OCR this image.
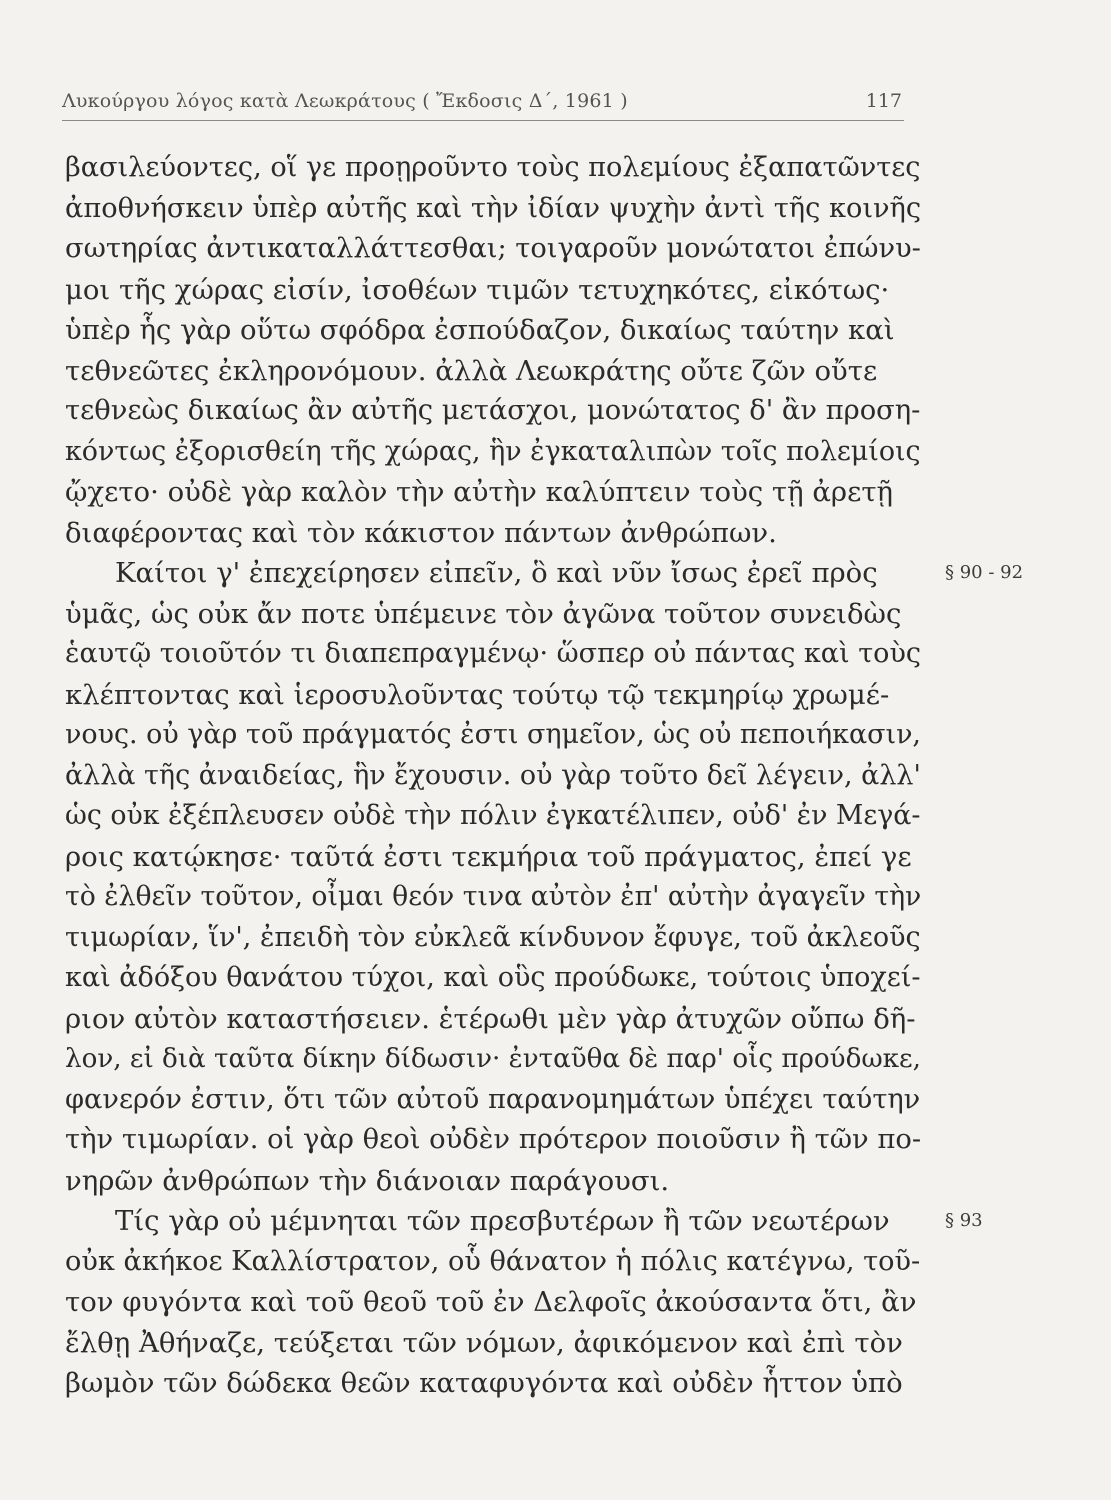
Λυκούργου λόγος κατὰ Λεωκράτους ( Ἔκδοσις Δ΄, 1961 )	117
βασιλεύοντες, οἵ γε προῃροῦντο τοὺς πολεμίους ἐξαπατῶντες
ἀποθνήσκειν ὑπὲρ αὐτῆς καὶ τὴν ἰδίαν ψυχὴν ἀντὶ τῆς κοινῆς
σωτηρίας ἀντικαταλλάττεσθαι; τοιγαροῦν μονώτατοι ἐπώνυ-
μοι τῆς χώρας εἰσίν, ἰσοθέων τιμῶν τετυχηκότες, εἰκότως·
ὑπὲρ ἧς γὰρ οὕτω σφόδρα ἐσπούδαζον, δικαίως ταύτην καὶ
τεθνεῶτες ἐκληρονόμουν. ἀλλὰ Λεωκράτης οὔτε ζῶν οὔτε
τεθνεὼς δικαίως ἂν αὐτῆς μετάσχοι, μονώτατος δ' ἂν προση-
κόντως ἐξορισθείη τῆς χώρας, ἣν ἐγκαταλιπὼν τοῖς πολεμίοις
ᾤχετο· οὐδὲ γὰρ καλὸν τὴν αὐτὴν καλύπτειν τοὺς τῇ ἀρετῇ
διαφέροντας καὶ τὸν κάκιστον πάντων ἀνθρώπων.
Καίτοι γ' ἐπεχείρησεν εἰπεῖν, ὃ καὶ νῦν ἴσως ἐρεῖ πρὸς	§ 90 - 92
ὑμᾶς, ὡς οὐκ ἄν ποτε ὑπέμεινε τὸν ἀγῶνα τοῦτον συνειδὼς
ἑαυτῷ τοιοῦτόν τι διαπεπραγμένῳ· ὥσπερ οὐ πάντας καὶ τοὺς
κλέπτοντας καὶ ἱεροσυλοῦντας τούτῳ τῷ τεκμηρίῳ χρωμέ-
νους. οὐ γὰρ τοῦ πράγματός ἐστι σημεῖον, ὡς οὐ πεποιήκασιν,
ἀλλὰ τῆς ἀναιδείας, ἣν ἔχουσιν. οὐ γὰρ τοῦτο δεῖ λέγειν, ἀλλ'
ὡς οὐκ ἐξέπλευσεν οὐδὲ τὴν πόλιν ἐγκατέλιπεν, οὐδ' ἐν Μεγά-
ροις κατῴκησε· ταῦτά ἐστι τεκμήρια τοῦ πράγματος, ἐπεί γε
τὸ ἐλθεῖν τοῦτον, οἶμαι θεόν τινα αὐτὸν ἐπ' αὐτὴν ἀγαγεῖν τὴν
τιμωρίαν, ἵν', ἐπειδὴ τὸν εὐκλεᾶ κίνδυνον ἔφυγε, τοῦ ἀκλεοῦς
καὶ ἀδόξου θανάτου τύχοι, καὶ οὓς προύδωκε, τούτοις ὑποχεί-
ριον αὐτὸν καταστήσειεν. ἑτέρωθι μὲν γὰρ ἀτυχῶν οὔπω δῆ-
λον, εἰ διὰ ταῦτα δίκην δίδωσιν· ἐνταῦθα δὲ παρ' οἷς προύδωκε,
φανερόν ἐστιν, ὅτι τῶν αὐτοῦ παρανομημάτων ὑπέχει ταύτην
τὴν τιμωρίαν. οἱ γὰρ θεοὶ οὐδὲν πρότερον ποιοῦσιν ἢ τῶν πο-
νηρῶν ἀνθρώπων τὴν διάνοιαν παράγουσι.
Τίς γὰρ οὐ μέμνηται τῶν πρεσβυτέρων ἢ τῶν νεωτέρων	§ 93
οὐκ ἀκήκοε Καλλίστρατον, οὗ θάνατον ἡ πόλις κατέγνω, τοῦ-
τον φυγόντα καὶ τοῦ θεοῦ τοῦ ἐν Δελφοῖς ἀκούσαντα ὅτι, ἂν
ἔλθῃ Ἀθήναζε, τεύξεται τῶν νόμων, ἀφικόμενον καὶ ἐπὶ τὸν
βωμὸν τῶν δώδεκα θεῶν καταφυγόντα καὶ οὐδὲν ἧττον ὑπὸ
